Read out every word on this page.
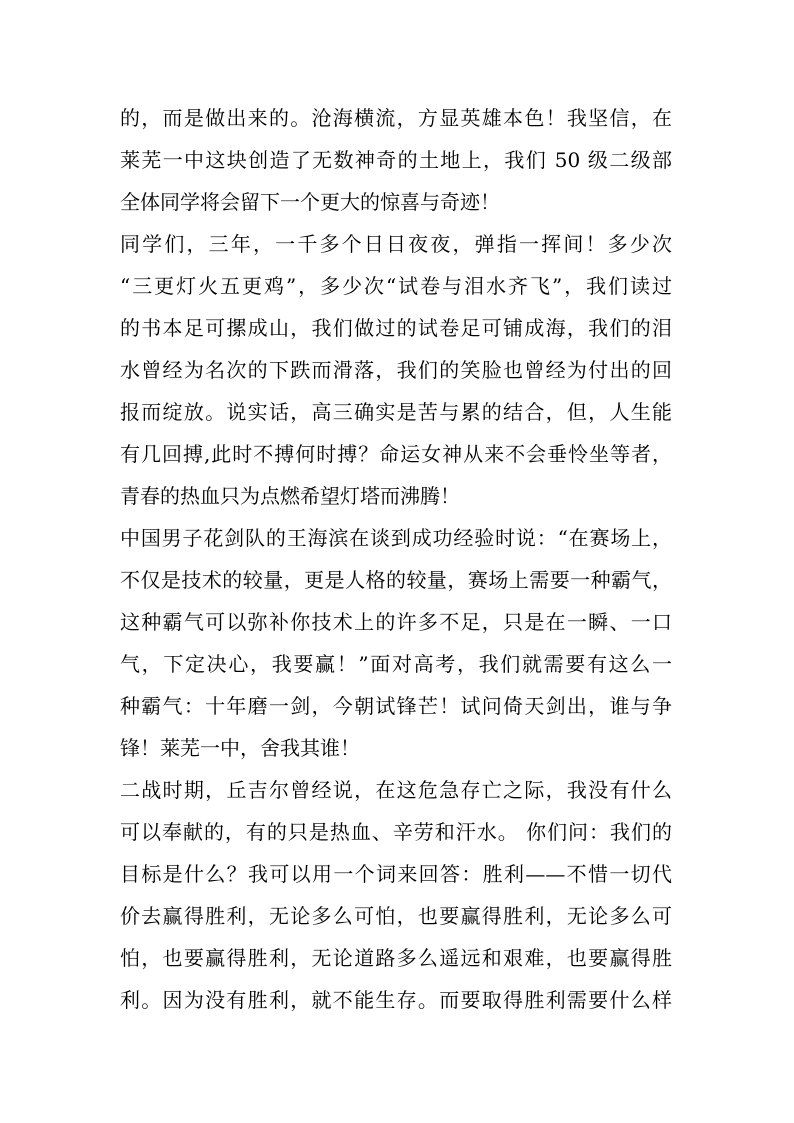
的，而是做出来的。沧海横流，方显英雄本色！我坚信，在
莱芜一中这块创造了无数神奇的土地上，我们 50 级二级部
全体同学将会留下一个更大的惊喜与奇迹！
同学们，三年，一千多个日日夜夜，弹指一挥间！多少次
“三更灯火五更鸡”，多少次“试卷与泪水齐飞”，我们读过
的书本足可摞成山，我们做过的试卷足可铺成海，我们的泪
水曾经为名次的下跌而滑落，我们的笑脸也曾经为付出的回
报而绽放。说实话，高三确实是苦与累的结合，但，人生能
有几回搏,此时不搏何时搏？命运女神从来不会垂怜坐等者，
青春的热血只为点燃希望灯塔而沸腾！
中国男子花剑队的王海滨在谈到成功经验时说：“在赛场上，
不仅是技术的较量，更是人格的较量，赛场上需要一种霸气，
这种霸气可以弥补你技术上的许多不足，只是在一瞬、一口
气，下定决心，我要赢！”面对高考，我们就需要有这么一
种霸气：十年磨一剑，今朝试锋芒！试问倚天剑出，谁与争
锋！莱芜一中，舍我其谁！
二战时期，丘吉尔曾经说，在这危急存亡之际，我没有什么
可以奉献的，有的只是热血、辛劳和汗水。 你们问：我们的
目标是什么？我可以用一个词来回答：胜利——不惜一切代
价去赢得胜利，无论多么可怕，也要赢得胜利，无论多么可
怕，也要赢得胜利，无论道路多么遥远和艰难，也要赢得胜
利。因为没有胜利，就不能生存。而要取得胜利需要什么样
